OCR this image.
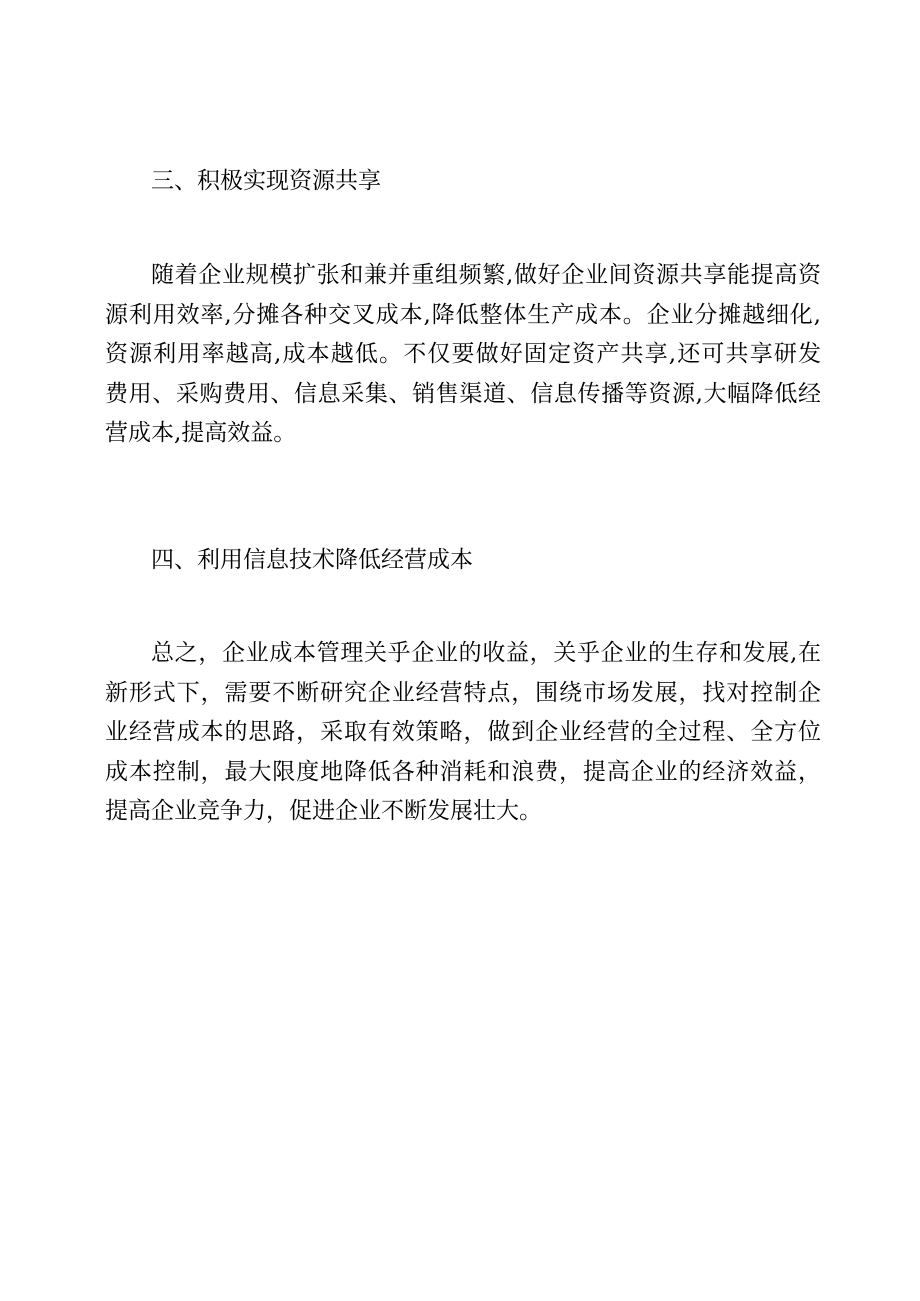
三、积极实现资源共享
随着企业规模扩张和兼并重组频繁,做好企业间资源共享能提高资
源利用效率,分摊各种交叉成本,降低整体生产成本。企业分摊越细化,
资源利用率越高,成本越低。不仅要做好固定资产共享,还可共享研发
费用、采购费用、信息采集、销售渠道、信息传播等资源,大幅降低经
营成本,提高效益。
四、利用信息技术降低经营成本
总之，企业成本管理关乎企业的收益，关乎企业的生存和发展,在
新形式下，需要不断研究企业经营特点，围绕市场发展，找对控制企
业经营成本的思路，采取有效策略，做到企业经营的全过程、全方位
成本控制，最大限度地降低各种消耗和浪费，提高企业的经济效益，
提高企业竞争力，促进企业不断发展壮大。
